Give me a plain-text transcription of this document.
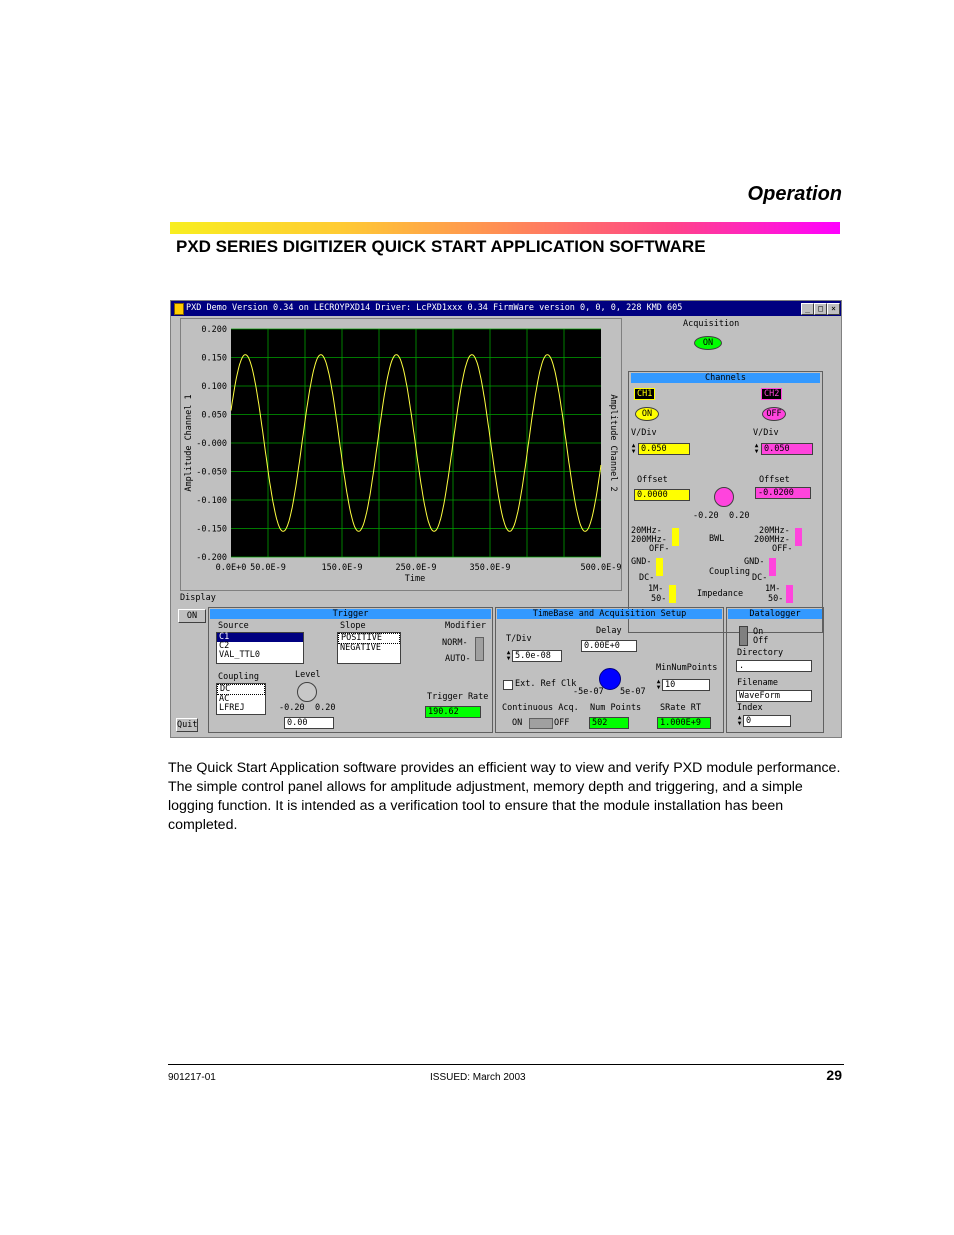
Operation
PXD SERIES DIGITIZER QUICK START APPLICATION SOFTWARE
PXD Demo Version 0.34 on LECROYPXD14 Driver: LcPXD1xxx 0.34 FirmWare version 0, 0, 0, 228 KMD 605	_	□	×
0.200
0.150
0.100
0.050
-0.000
-0.050
-0.100
-0.150
-0.200
0.0E+0 50.0E-9	150.0E-9	250.0E-9	350.0E-9	500.0E-9
Amplitude Channel 1	Amplitude Channel 2
Time
Acquisition
ON
Channels
CH1	CH2
ON	OFF
V/Div	V/Div
▲
▼ 0.050	▲
▼ 0.050
Offset	Offset
0.0000	-0.0200
-0.20 0.20
20MHz-
200MHz-
OFF-
BWL
20MHz-
200MHz-
OFF-
GND-
DC-
Coupling
GND-
DC-
1M-
50-	Impedance	1M-
50-
Display
ON
Quit
Trigger
Source
C1
C2
VAL_TTL0
Slope
POSITIVE
NEGATIVE
Modifier
NORM-
AUTO-
Coupling
DC
AC
LFREJ
Level
-0.20 0.20
0.00
Trigger Rate
190.62
TimeBase and Acquisition Setup
T/Div
▲
▼ 5.0e-08
Delay
0.00E+0
Ext. Ref Clk
-5e-07 5e-07
MinNumPoints
▲
▼ 10
Continuous Acq.
ON	OFF
Num Points
502
SRate RT
1.000E+9
Datalogger
On
Off
Directory
.
Filename
WaveForm
Index
▲
▼ 0
The Quick Start Application software provides an efficient way to view and verify PXD module performance. The simple control panel allows for amplitude adjustment, memory depth and triggering, and a simple logging function. It is intended as a verification tool to ensure that the module installation has been completed.
901217-01	ISSUED: March 2003	29
